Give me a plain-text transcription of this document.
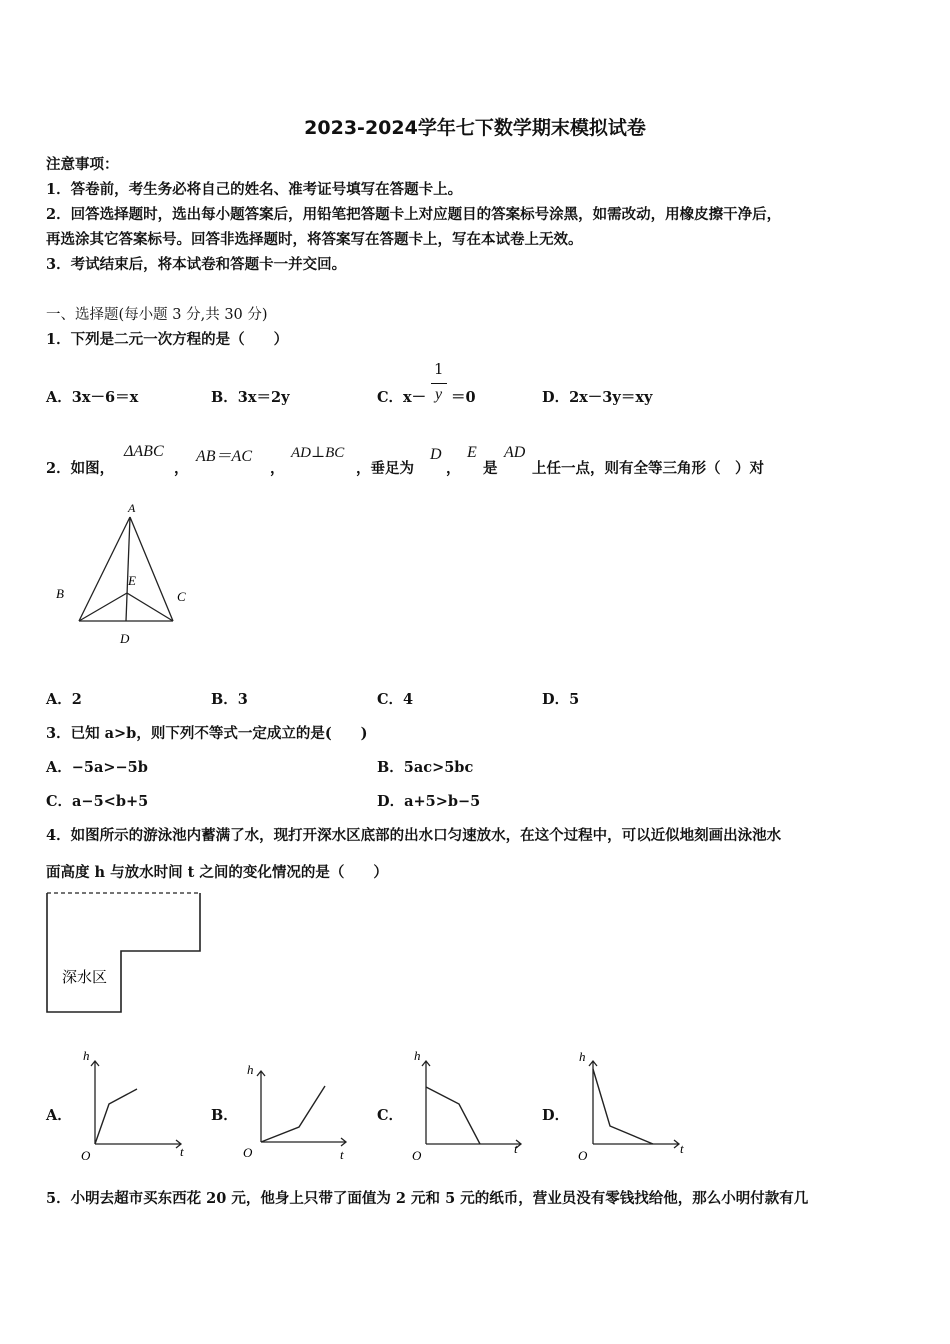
2023-2024学年七下数学期末模拟试卷
注意事项：
1．答卷前，考生务必将自己的姓名、准考证号填写在答题卡上。
2．回答选择题时，选出每小题答案后，用铅笔把答题卡上对应题目的答案标号涂黑，如需改动，用橡皮擦干净后，
再选涂其它答案标号。回答非选择题时，将答案写在答题卡上，写在本试卷上无效。
3．考试结束后，将本试卷和答题卡一并交回。
一、选择题(每小题 3 分,共 30 分)
1．下列是二元一次方程的是（　　）
A．3x－6＝x	B．3x＝2y	C．x－
1
y ＝0	D．2x－3y＝xy
2．如图，
ΔABC
，
AB＝AC
，
AD⊥BC
，垂足为
D
，
E
是
AD
上任一点，则有全等三角形（　）对
A
B	C
E
D
A．2	B．3	C．4	D．5
3．已知 a>b，则下列不等式一定成立的是(　　)
A．−5a>−5b	B．5ac>5bc
C．a−5<b+5	D．a+5>b−5
4．如图所示的游泳池内蓄满了水，现打开深水区底部的出水口匀速放水，在这个过程中，可以近似地刻画出泳池水
面高度 h 与放水时间 t 之间的变化情况的是（　　）
深水区
A．	B．	C．	D．
h
t
O
h
t
O
h
t
O
h
t
O
5．小明去超市买东西花 20 元，他身上只带了面值为 2 元和 5 元的纸币，营业员没有零钱找给他，那么小明付款有几
